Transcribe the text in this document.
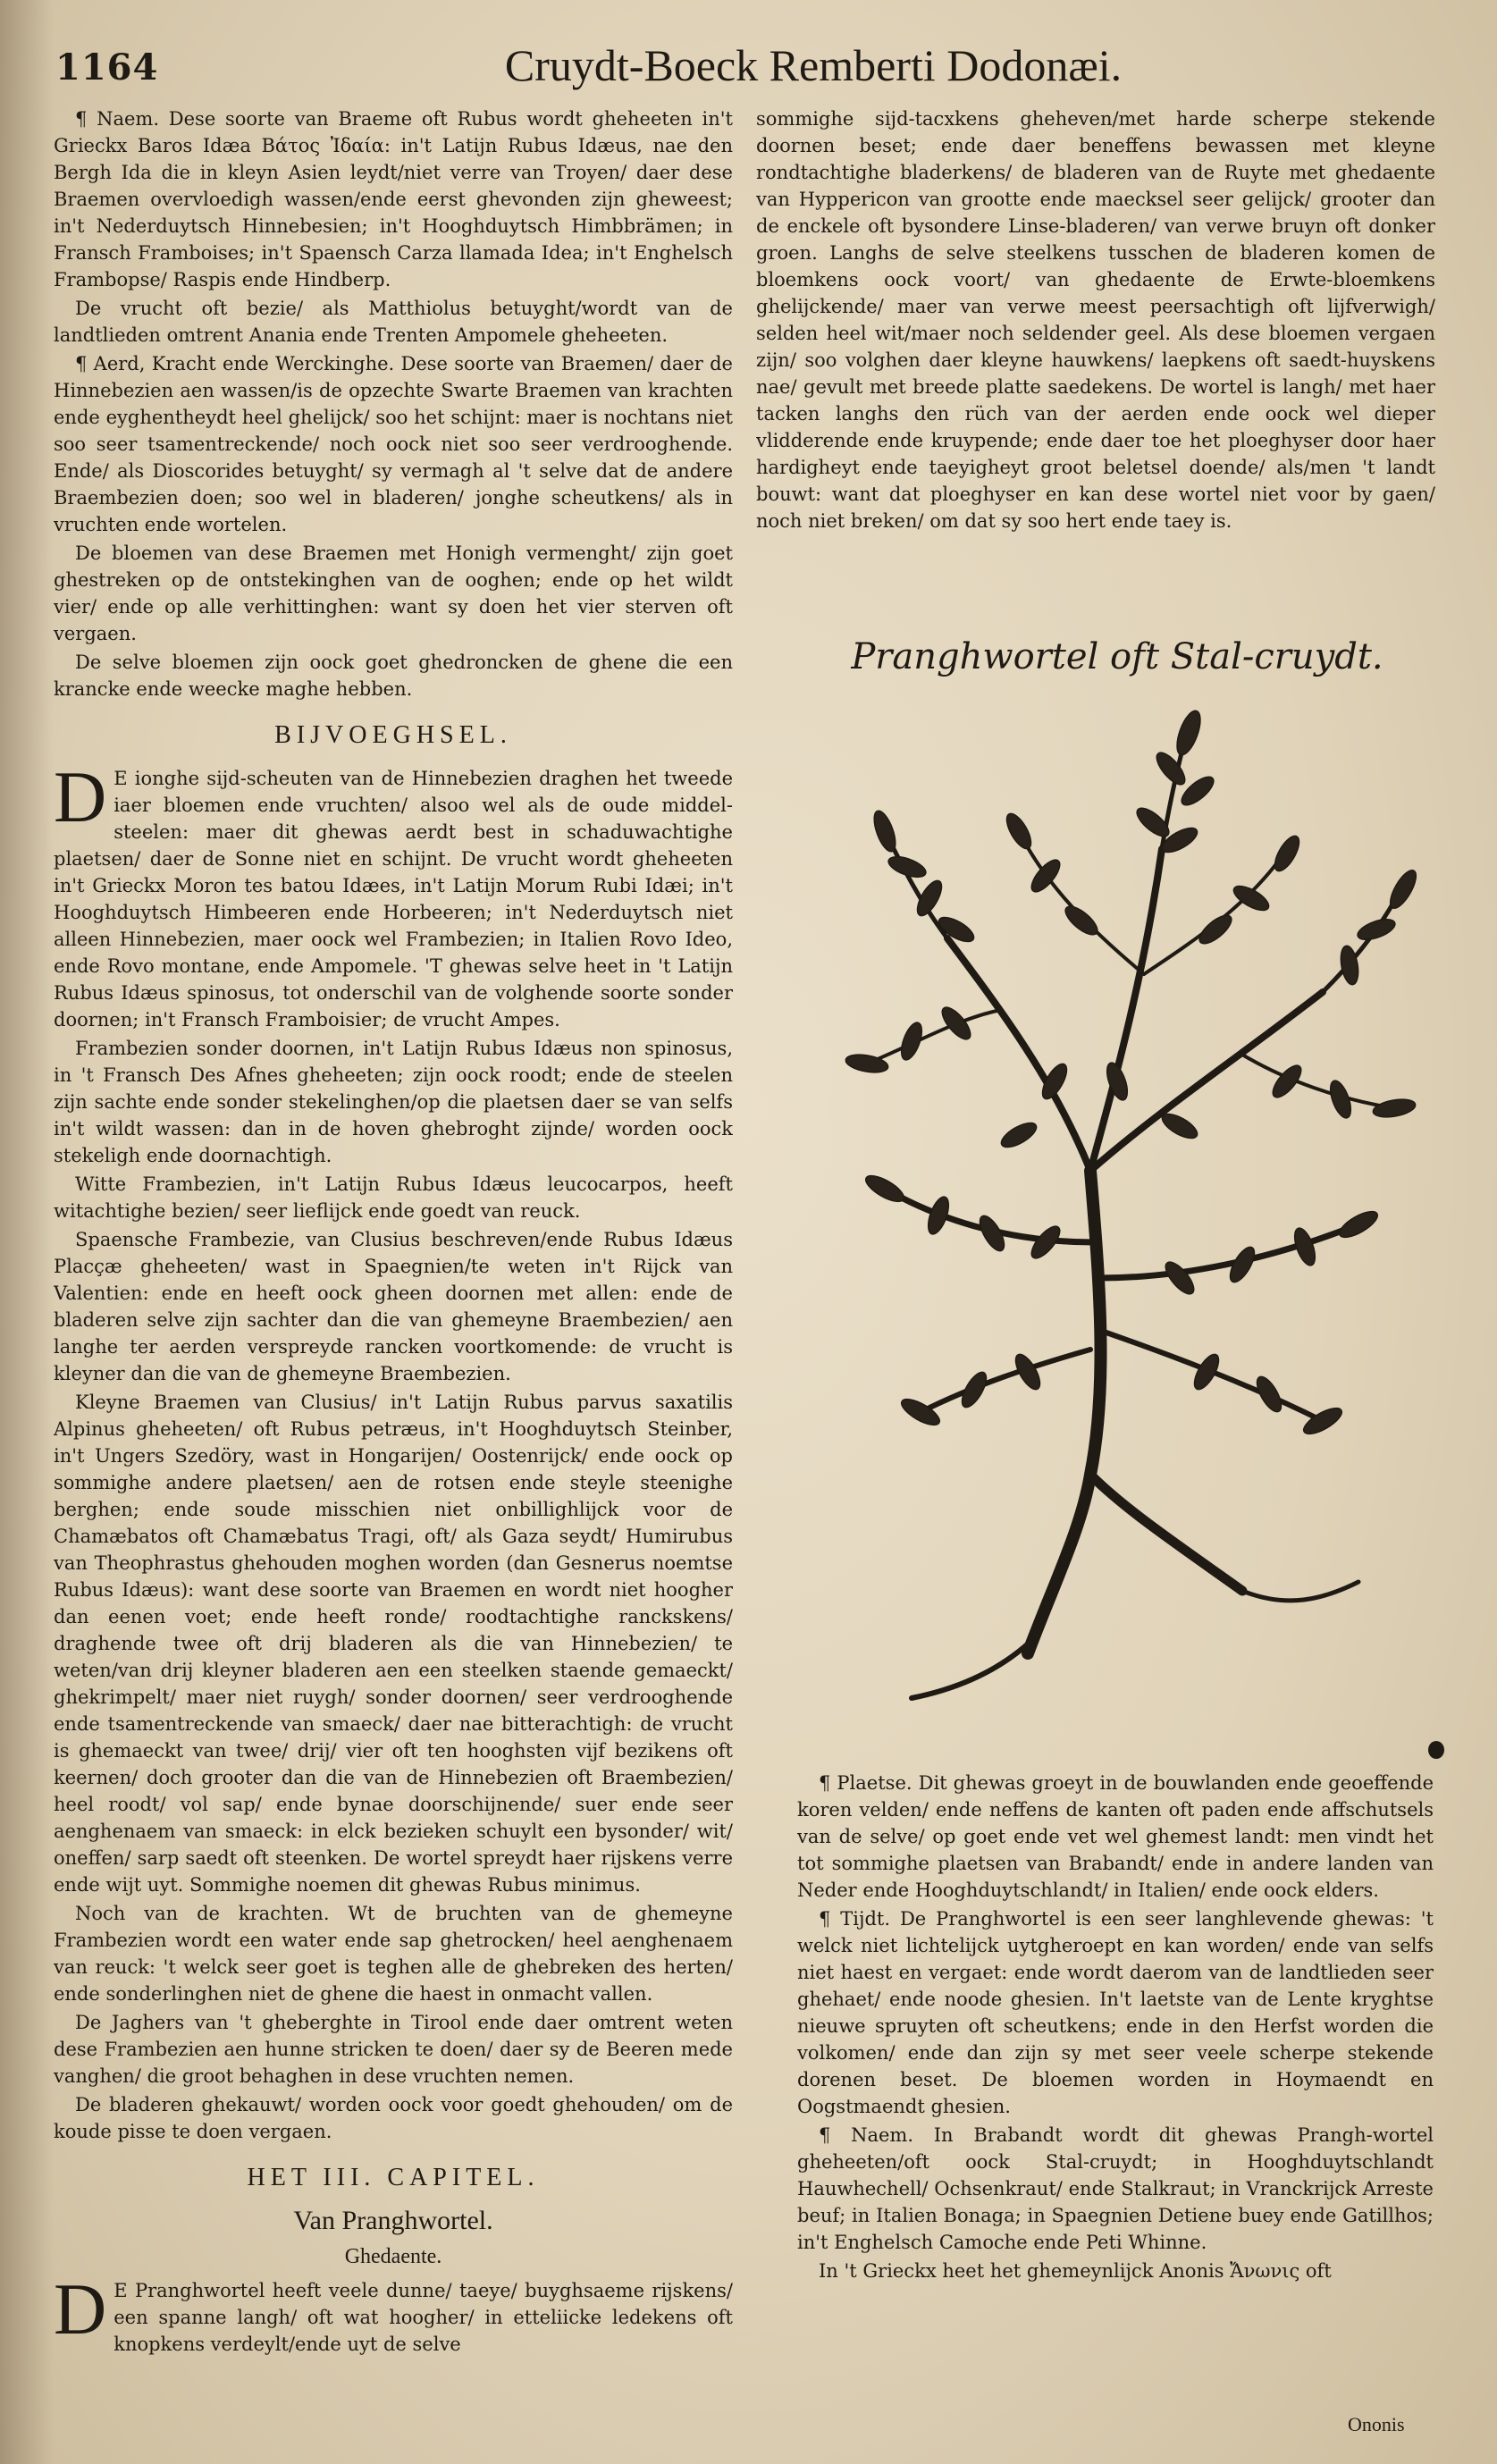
1164	Cruydt-Boeck Remberti Dodonæi.

¶ Naem. Dese soorte van Braeme oft Rubus wordt gheheeten in't Grieckx Baros Idæa Βάτος Ἰδαία: in't Latijn Rubus Idæus, nae den Bergh Ida die in kleyn Asien leydt/niet verre van Troyen/ daer dese Braemen overvloedigh wassen/ende eerst ghevonden zijn gheweest; in't Nederduytsch Hinnebesien; in't Hooghduytsch Himbbrämen; in Fransch Framboises; in't Spaensch Carza llamada Idea; in't Enghelsch Frambopse/ Raspis ende Hindberp.

De vrucht oft bezie/ als Matthiolus betuyght/wordt van de landtlieden omtrent Anania ende Trenten Ampomele gheheeten.

¶ Aerd, Kracht ende Werckinghe. Dese soorte van Braemen/ daer de Hinnebezien aen wassen/is de opzechte Swarte Braemen van krachten ende eyghentheydt heel ghelijck/ soo het schijnt: maer is nochtans niet soo seer tsamentreckende/ noch oock niet soo seer verdrooghende. Ende/ als Dioscorides betuyght/ sy vermagh al 't selve dat de andere Braembezien doen; soo wel in bladeren/ jonghe scheutkens/ als in vruchten ende wortelen.

De bloemen van dese Braemen met Honigh vermenght/ zijn goet ghestreken op de ontstekinghen van de ooghen; ende op het wildt vier/ ende op alle verhittinghen: want sy doen het vier sterven oft vergaen.

De selve bloemen zijn oock goet ghedroncken de ghene die een krancke ende weecke maghe hebben.

BIJVOEGHSEL.

D E ionghe sijd-scheuten van de Hinnebezien draghen het tweede iaer bloemen ende vruchten/ alsoo wel als de oude middel-steelen: maer dit ghewas aerdt best in schaduwachtighe plaetsen/ daer de Sonne niet en schijnt. De vrucht wordt gheheeten in't Grieckx Moron tes batou Idæes, in't Latijn Morum Rubi Idæi; in't Hooghduytsch Himbeeren ende Horbeeren; in't Nederduytsch niet alleen Hinnebezien, maer oock wel Frambezien; in Italien Rovo Ideo, ende Rovo montane, ende Ampomele. 'T ghewas selve heet in 't Latijn Rubus Idæus spinosus, tot onderschil van de volghende soorte sonder doornen; in't Fransch Framboisier; de vrucht Ampes.

Frambezien sonder doornen, in't Latijn Rubus Idæus non spinosus, in 't Fransch Des Afnes gheheeten; zijn oock roodt; ende de steelen zijn sachte ende sonder stekelinghen/op die plaetsen daer se van selfs in't wildt wassen: dan in de hoven ghebroght zijnde/ worden oock stekeligh ende doornachtigh.

Witte Frambezien, in't Latijn Rubus Idæus leucocarpos, heeft witachtighe bezien/ seer lieflijck ende goedt van reuck.

Spaensche Frambezie, van Clusius beschreven/ende Rubus Idæus Placçæ gheheeten/ wast in Spaegnien/te weten in't Rijck van Valentien: ende en heeft oock gheen doornen met allen: ende de bladeren selve zijn sachter dan die van ghemeyne Braembezien/ aen langhe ter aerden verspreyde rancken voortkomende: de vrucht is kleyner dan die van de ghemeyne Braembezien.

Kleyne Braemen van Clusius/ in't Latijn Rubus parvus saxatilis Alpinus gheheeten/ oft Rubus petræus, in't Hooghduytsch Steinber, in't Ungers Szedöry, wast in Hongarijen/ Oostenrijck/ ende oock op sommighe andere plaetsen/ aen de rotsen ende steyle steenighe berghen; ende soude misschien niet onbillighlijck voor de Chamæbatos oft Chamæbatus Tragi, oft/ als Gaza seydt/ Humirubus van Theophrastus ghehouden moghen worden (dan Gesnerus noemtse Rubus Idæus): want dese soorte van Braemen en wordt niet hoogher dan eenen voet; ende heeft ronde/ roodtachtighe ranckskens/ draghende twee oft drij bladeren als die van Hinnebezien/ te weten/van drij kleyner bladeren aen een steelken staende gemaeckt/ ghekrimpelt/ maer niet ruygh/ sonder doornen/ seer verdrooghende ende tsamentreckende van smaeck/ daer nae bitterachtigh: de vrucht is ghemaeckt van twee/ drij/ vier oft ten hooghsten vijf bezikens oft keernen/ doch grooter dan die van de Hinnebezien oft Braembezien/ heel roodt/ vol sap/ ende bynae doorschijnende/ suer ende seer aenghenaem van smaeck: in elck bezieken schuylt een bysonder/ wit/ oneffen/ sarp saedt oft steenken. De wortel spreydt haer rijskens verre ende wijt uyt. Sommighe noemen dit ghewas Rubus minimus.

Noch van de krachten. Wt de bruchten van de ghemeyne Frambezien wordt een water ende sap ghetrocken/ heel aenghenaem van reuck: 't welck seer goet is teghen alle de ghebreken des herten/ ende sonderlinghen niet de ghene die haest in onmacht vallen.

De Jaghers van 't gheberghte in Tirool ende daer omtrent weten dese Frambezien aen hunne stricken te doen/ daer sy de Beeren mede vanghen/ die groot behaghen in dese vruchten nemen.

De bladeren ghekauwt/ worden oock voor goedt ghehouden/ om de koude pisse te doen vergaen.

HET III. CAPITEL.
Van Pranghwortel.
Ghedaente.

D E Pranghwortel heeft veele dunne/ taeye/ buyghsaeme rijskens/ een spanne langh/ oft wat hoogher/ in etteliicke ledekens oft knopkens verdeylt/ende uyt de selve

sommighe sijd-tacxkens gheheven/met harde scherpe stekende doornen beset; ende daer beneffens bewassen met kleyne rondtachtighe bladerkens/ de bladeren van de Ruyte met ghedaente van Hyppericon van grootte ende maecksel seer gelijck/ grooter dan de enckele oft bysondere Linse-bladeren/ van verwe bruyn oft donker groen. Langhs de selve steelkens tusschen de bladeren komen de bloemkens oock voort/ van ghedaente de Erwte-bloemkens ghelijckende/ maer van verwe meest peersachtigh oft lijfverwigh/ selden heel wit/maer noch seldender geel. Als dese bloemen vergaen zijn/ soo volghen daer kleyne hauwkens/ laepkens oft saedt-huyskens nae/ gevult met breede platte saedekens. De wortel is langh/ met haer tacken langhs den rüch van der aerden ende oock wel dieper vlidderende ende kruypende; ende daer toe het ploeghyser door haer hardigheyt ende taeyigheyt groot beletsel doende/ als/men 't landt bouwt: want dat ploeghyser en kan dese wortel niet voor by gaen/ noch niet breken/ om dat sy soo hert ende taey is.

Pranghwortel oft Stal-cruydt.

¶ Plaetse. Dit ghewas groeyt in de bouwlanden ende geoeffende koren velden/ ende neffens de kanten oft paden ende affschutsels van de selve/ op goet ende vet wel ghemest landt: men vindt het tot sommighe plaetsen van Brabandt/ ende in andere landen van Neder ende Hooghduytschlandt/ in Italien/ ende oock elders.

¶ Tijdt. De Pranghwortel is een seer langhlevende ghewas: 't welck niet lichtelijck uytgheroept en kan worden/ ende van selfs niet haest en vergaet: ende wordt daerom van de landtlieden seer ghehaet/ ende noode ghesien. In't laetste van de Lente kryghtse nieuwe spruyten oft scheutkens; ende in den Herfst worden die volkomen/ ende dan zijn sy met seer veele scherpe stekende dorenen beset. De bloemen worden in Hoymaendt en Oogstmaendt ghesien.

¶ Naem. In Brabandt wordt dit ghewas Prangh-wortel gheheeten/oft oock Stal-cruydt; in Hooghduytschlandt Hauwhechell/ Ochsenkraut/ ende Stalkraut; in Vranckrijck Arreste beuf; in Italien Bonaga; in Spaegnien Detiene buey ende Gatillhos; in't Enghelsch Camoche ende Peti Whinne.

In 't Grieckx heet het ghemeynlijck Anonis Ἄνωνις oft

Ononis
